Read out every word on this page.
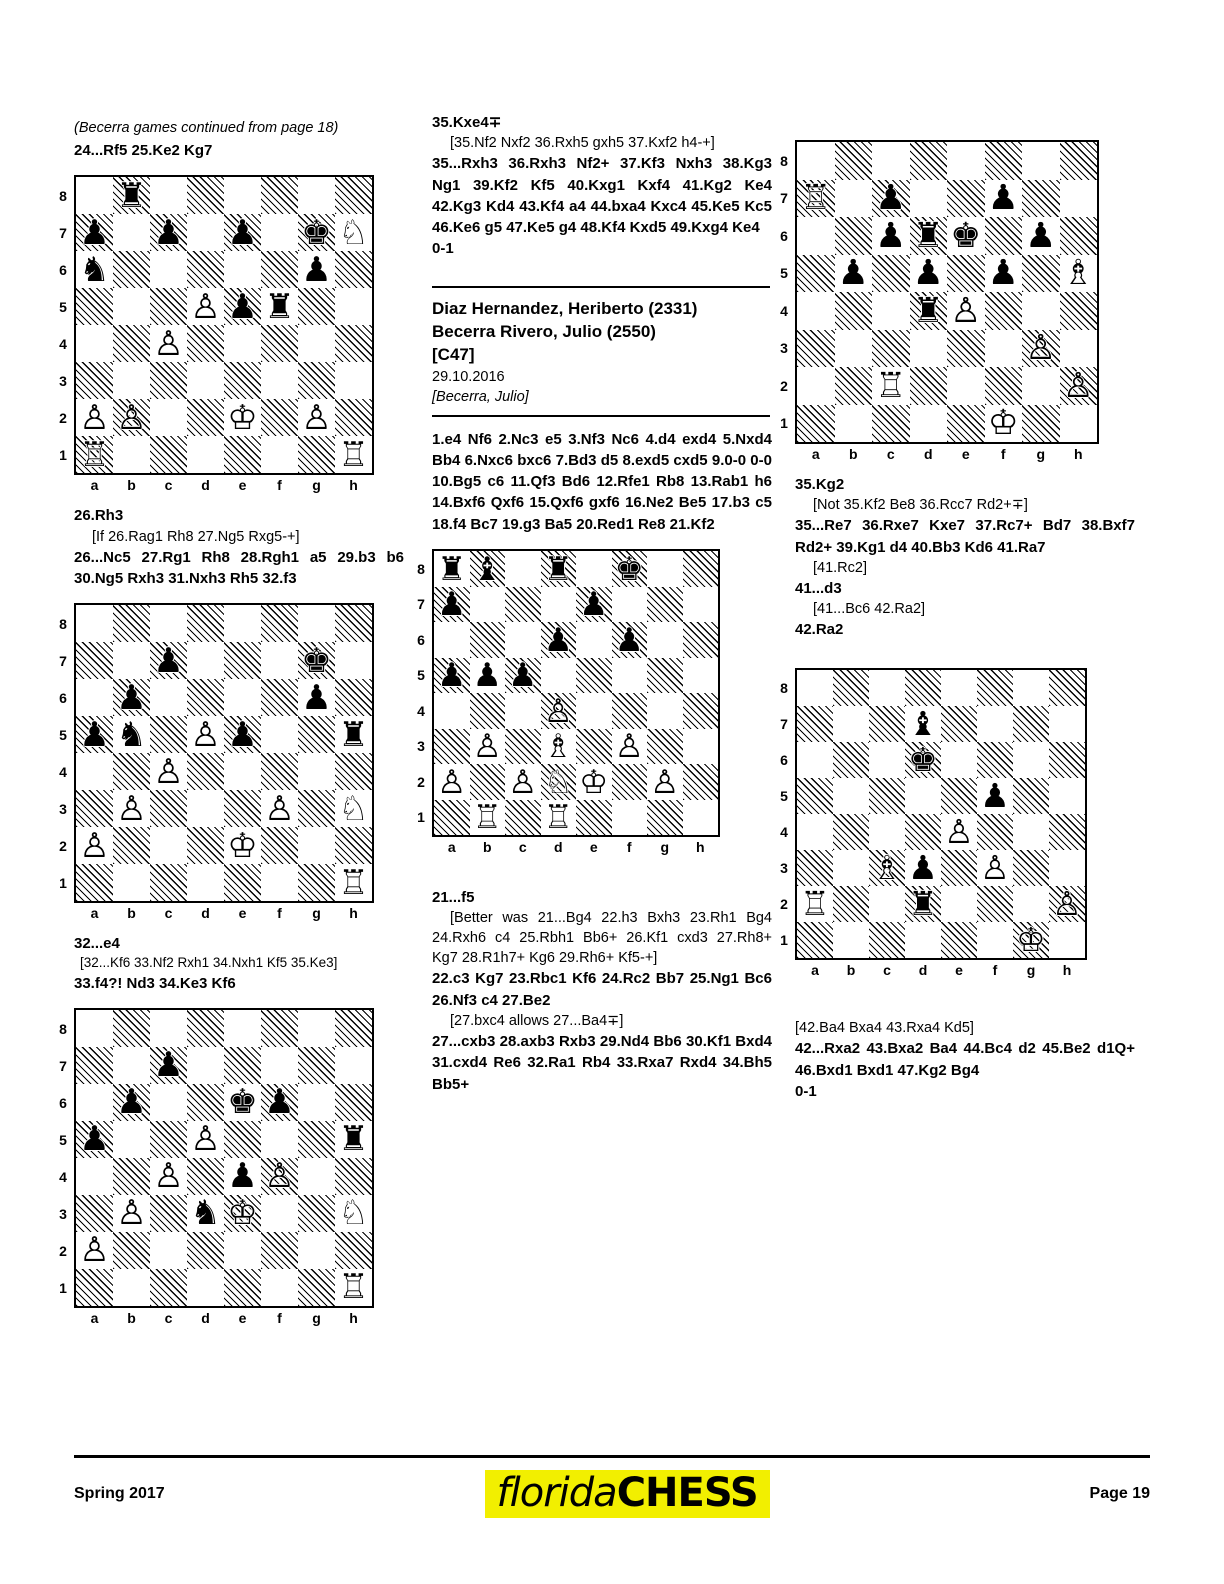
(Becerra games continued from page 18)
24...Rf5 25.Ke2 Kg7
♜
♟ ♟ ♟ ♚ ♘
♞	♟
♙ ♟ ♜
♙
♙ ♙ ♔ ♙
♖	♖
8
7
6
5
4
3
2
1
a	b	c	d	e	f	g	h
26.Rh3
[If 26.Rag1 Rh8 27.Ng5 Rxg5-+]
26...Nc5 27.Rg1 Rh8 28.Rgh1 a5 29.b3 b6 30.Ng5 Rxh3 31.Nxh3 Rh5 32.f3
♟	♚
♟	♟
♟ ♞ ♙ ♟ ♜
♙
♙	♙ ♘
♙	♔
♖
8
7
6
5
4
3
2
1
a	b	c	d	e	f	g	h
32...e4
[32...Kf6 33.Nf2 Rxh1 34.Nxh1 Kf5 35.Ke3]
33.f4?! Nd3 34.Ke3 Kf6
♟
♟ ♚ ♟
♟ ♙	♜
♙ ♟ ♙
♙ ♞ ♔ ♘
♙
♖
8
7
6
5
4
3
2
1
a	b	c	d	e	f	g	h
35.Kxe4∓
[35.Nf2 Nxf2 36.Rxh5 gxh5 37.Kxf2 h4-+]
35...Rxh3 36.Rxh3 Nf2+ 37.Kf3 Nxh3 38.Kg3 Ng1 39.Kf2 Kf5 40.Kxg1 Kxf4 41.Kg2 Ke4 42.Kg3 Kd4 43.Kf4 a4 44.bxa4 Kxc4 45.Ke5 Kc5 46.Ke6 g5 47.Ke5 g4 48.Kf4 Kxd5 49.Kxg4 Ke4
0-1
Diaz Hernandez, Heriberto (2331)
Becerra Rivero, Julio (2550)
[C47]
29.10.2016
[Becerra, Julio]
1.e4 Nf6 2.Nc3 e5 3.Nf3 Nc6 4.d4 exd4 5.Nxd4 Bb4 6.Nxc6 bxc6 7.Bd3 d5 8.exd5 cxd5 9.0-0 0-0 10.Bg5 c6 11.Qf3 Bd6 12.Rfe1 Rb8 13.Rab1 h6 14.Bxf6 Qxf6 15.Qxf6 gxf6 16.Ne2 Be5 17.b3 c5 18.f4 Bc7 19.g3 Ba5 20.Red1 Re8 21.Kf2
♜ ♝ ♜ ♚
♟	♟
♟ ♟
♟ ♟ ♟
♙
♙ ♗ ♙
♙ ♙ ♘ ♔ ♙
♖ ♖
8
7
6
5
4
3
2
1
a	b	c	d	e	f	g	h
21...f5
[Better was 21...Bg4 22.h3 Bxh3 23.Rh1 Bg4 24.Rxh6 c4 25.Rbh1 Bb6+ 26.Kf1 cxd3 27.Rh8+ Kg7 28.R1h7+ Kg6 29.Rh6+ Kf5-+]
22.c3 Kg7 23.Rbc1 Kf6 24.Rc2 Bb7 25.Ng1 Bc6 26.Nf3 c4 27.Be2
[27.bxc4 allows 27...Ba4∓]
27...cxb3 28.axb3 Rxb3 29.Nd4 Bb6 30.Kf1 Bxd4 31.cxd4 Re6 32.Ra1 Rb4 33.Rxa7 Rxd4 34.Bh5 Bb5+
♖ ♟ ♟
♟ ♜ ♚ ♟
♟ ♟ ♟ ♗
♜ ♙
♙
♖	♙
♔
8
7
6
5
4
3
2
1
a	b	c	d	e	f	g	h
35.Kg2
[Not 35.Kf2 Be8 36.Rcc7 Rd2+∓]
35...Re7 36.Rxe7 Kxe7 37.Rc7+ Bd7 38.Bxf7 Rd2+ 39.Kg1 d4 40.Bb3 Kd6 41.Ra7
[41.Rc2]
41...d3
[41...Bc6 42.Ra2]
42.Ra2
♝
♚
♟
♙
♗ ♟ ♙
♖ ♜	♙
♔
8
7
6
5
4
3
2
1
a	b	c	d	e	f	g	h
[42.Ba4 Bxa4 43.Rxa4 Kd5]
42...Rxa2 43.Bxa2 Ba4 44.Bc4 d2 45.Be2 d1Q+ 46.Bxd1 Bxd1 47.Kg2 Bg4
0-1
Spring 2017	floridaCHESS	Page 19
